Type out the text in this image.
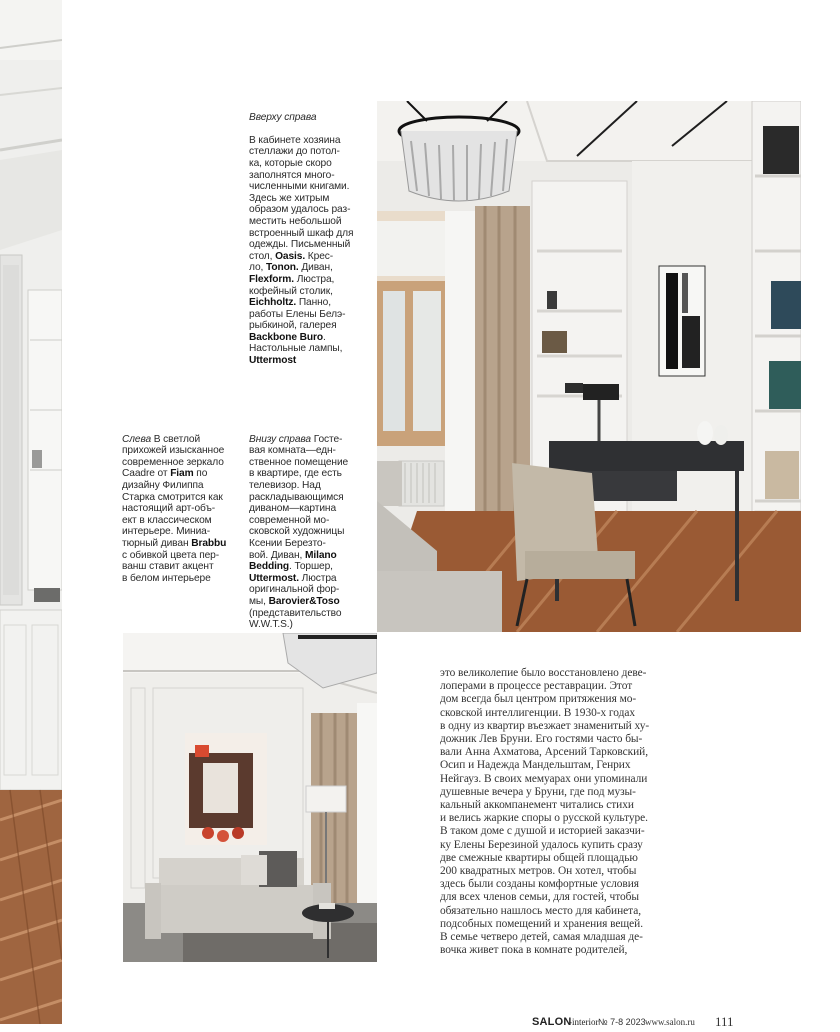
Вверху справа

В кабинете хозяина
стеллажи до потол-
ка, которые скоро
заполнятся много-
численными книгами.
Здесь же хитрым
образом удалось раз-
местить небольшой
встроенный шкаф для
одежды. Письменный
стол, Oasis. Крес-
ло, Tonon. Диван,
Flexform. Люстра,
кофейный столик,
Eichholtz. Панно,
работы Елены Белэ-
рыбкиной, галерея
Backbone Buro.
Настольные лампы,
Uttermost

Слева В светлой
прихожей изысканное
современное зеркало
Caadre от Fiam по
дизайну Филиппа
Старка смотрится как
настоящий арт-объ-
ект в классическом
интерьере. Миниа-
тюрный диван Brabbu
с обивкой цвета пер-
ванш ставит акцент
в белом интерьере

Внизу справа Госте-
вая комната—едн-
ственное помещение
в квартире, где есть
телевизор. Над
раскладывающимся
диваном—картина
современной мо-
сковской художницы
Ксении Березто-
вой. Диван, Milano
Bedding. Торшер,
Uttermost. Люстра
оригинальной фор-
мы, Barovier&Toso
(представительство
W.W.T.S.)

это великолепие было восстановлено деве-
лоперами в процессе реставрации. Этот
дом всегда был центром притяжения мо-
сковской интеллигенции. В 1930-х годах
в одну из квартир въезжает знаменитый ху-
дожник Лев Бруни. Его гостями часто бы-
вали Анна Ахматова, Арсений Тарковский,
Осип и Надежда Мандельштам, Генрих
Нейгауз. В своих мемуарах они упоминали
душевные вечера у Бруни, где под музы-
кальный аккомпанемент читались стихи
и велись жаркие споры о русской культуре.
В таком доме с душой и историей заказчи-
ку Елены Березиной удалось купить сразу
две смежные квартиры общей площадью
200 квадратных метров. Он хотел, чтобы
здесь были созданы комфортные условия
для всех членов семьи, для гостей, чтобы
обязательно нашлось место для кабинета,
подсобных помещений и хранения вещей.
В семье четверо детей, самая младшая де-
вочка живет пока в комнате родителей,
SALON
-interior № 7-8 2023 www.salon.ru 111
